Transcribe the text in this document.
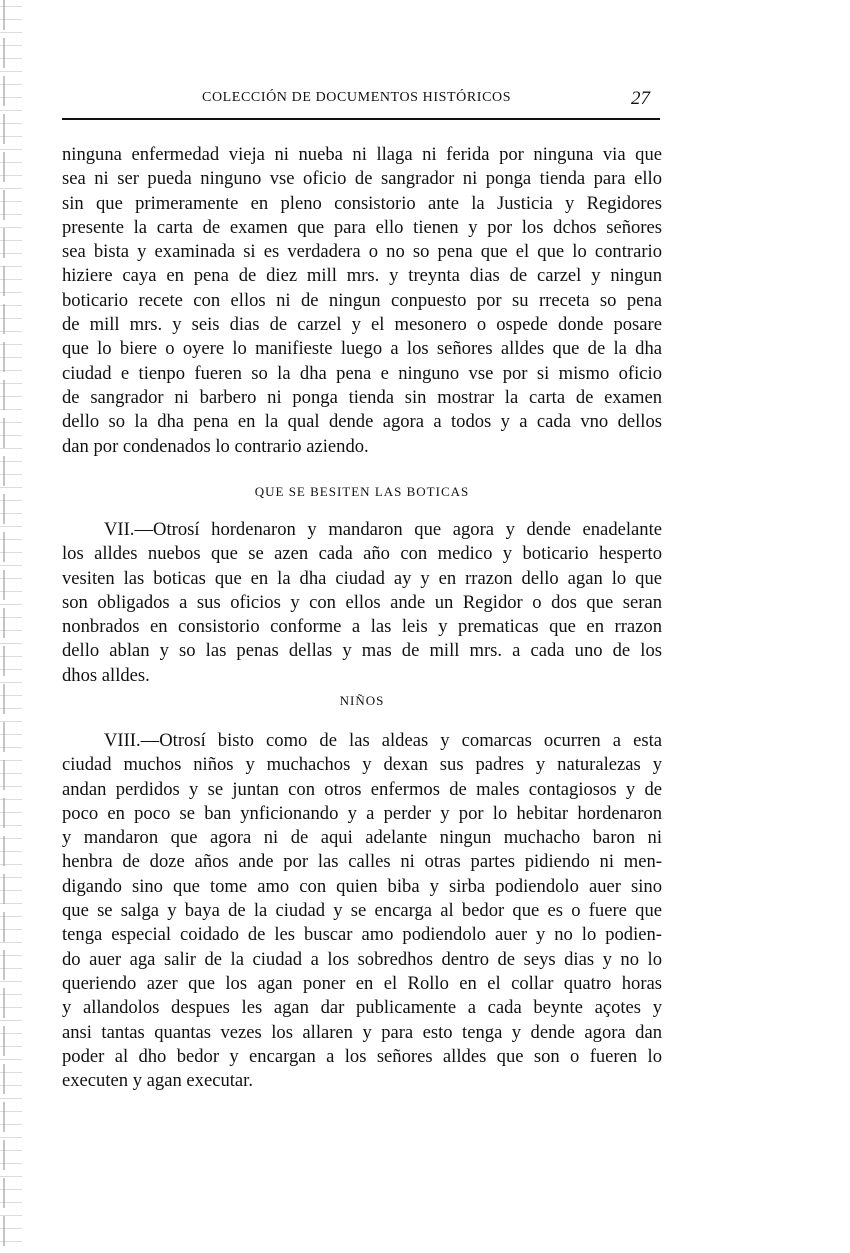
COLECCIÓN DE DOCUMENTOS HISTÓRICOS	27
ninguna enfermedad vieja ni nueba ni llaga ni ferida por ninguna via que
sea ni ser pueda ninguno vse oficio de sangrador ni ponga tienda para ello
sin que primeramente en pleno consistorio ante la Justicia y Regidores
presente la carta de examen que para ello tienen y por los dchos señores
sea bista y examinada si es verdadera o no so pena que el que lo contrario
hiziere caya en pena de diez mill mrs. y treynta dias de carzel y ningun
boticario recete con ellos ni de ningun conpuesto por su rreceta so pena
de mill mrs. y seis dias de carzel y el mesonero o ospede donde posare
que lo biere o oyere lo manifieste luego a los señores alldes que de la dha
ciudad e tienpo fueren so la dha pena e ninguno vse por si mismo oficio
de sangrador ni barbero ni ponga tienda sin mostrar la carta de examen
dello so la dha pena en la qual dende agora a todos y a cada vno dellos
dan por condenados lo contrario aziendo.
QUE SE BESITEN LAS BOTICAS
VII.—Otrosí hordenaron y mandaron que agora y dende enadelante
los alldes nuebos que se azen cada año con medico y boticario hesperto
vesiten las boticas que en la dha ciudad ay y en rrazon dello agan lo que
son obligados a sus oficios y con ellos ande un Regidor o dos que seran
nonbrados en consistorio conforme a las leis y prematicas que en rrazon
dello ablan y so las penas dellas y mas de mill mrs. a cada uno de los
dhos alldes.
NIÑOS
VIII.—Otrosí bisto como de las aldeas y comarcas ocurren a esta
ciudad muchos niños y muchachos y dexan sus padres y naturalezas y
andan perdidos y se juntan con otros enfermos de males contagiosos y de
poco en poco se ban ynficionando y a perder y por lo hebitar hordenaron
y mandaron que agora ni de aqui adelante ningun muchacho baron ni
henbra de doze años ande por las calles ni otras partes pidiendo ni men-
digando sino que tome amo con quien biba y sirba podiendolo auer sino
que se salga y baya de la ciudad y se encarga al bedor que es o fuere que
tenga especial coidado de les buscar amo podiendolo auer y no lo podien-
do auer aga salir de la ciudad a los sobredhos dentro de seys dias y no lo
queriendo azer que los agan poner en el Rollo en el collar quatro horas
y allandolos despues les agan dar publicamente a cada beynte açotes y
ansi tantas quantas vezes los allaren y para esto tenga y dende agora dan
poder al dho bedor y encargan a los señores alldes que son o fueren lo
executen y agan executar.
